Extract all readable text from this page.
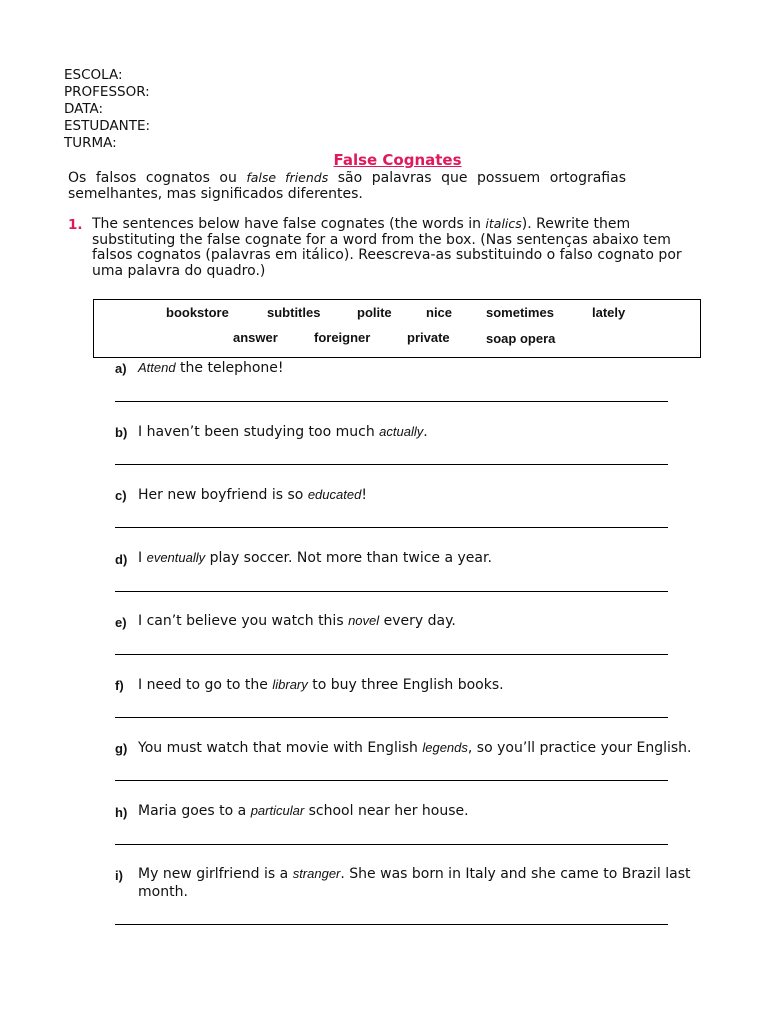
ESCOLA:
PROFESSOR:
DATA:
ESTUDANTE:
TURMA:
False Cognates
Os falsos cognatos ou false friends são palavras que possuem ortografias semelhantes, mas significados diferentes.
1. The sentences below have false cognates (the words in italics). Rewrite them substituting the false cognate for a word from the box. (Nas sentenças abaixo tem falsos cognatos (palavras em itálico). Reescreva-as substituindo o falso cognato por uma palavra do quadro.)
bookstore	subtitles	polite	nice	sometimes	lately
answer	foreigner	private	soap opera
a) Attend the telephone!
b) I haven’t been studying too much actually.
c) Her new boyfriend is so educated!
d) I eventually play soccer. Not more than twice a year.
e) I can’t believe you watch this novel every day.
f) I need to go to the library to buy three English books.
g) You must watch that movie with English legends, so you’ll practice your English.
h) Maria goes to a particular school near her house.
i) My new girlfriend is a stranger. She was born in Italy and she came to Brazil last month.
